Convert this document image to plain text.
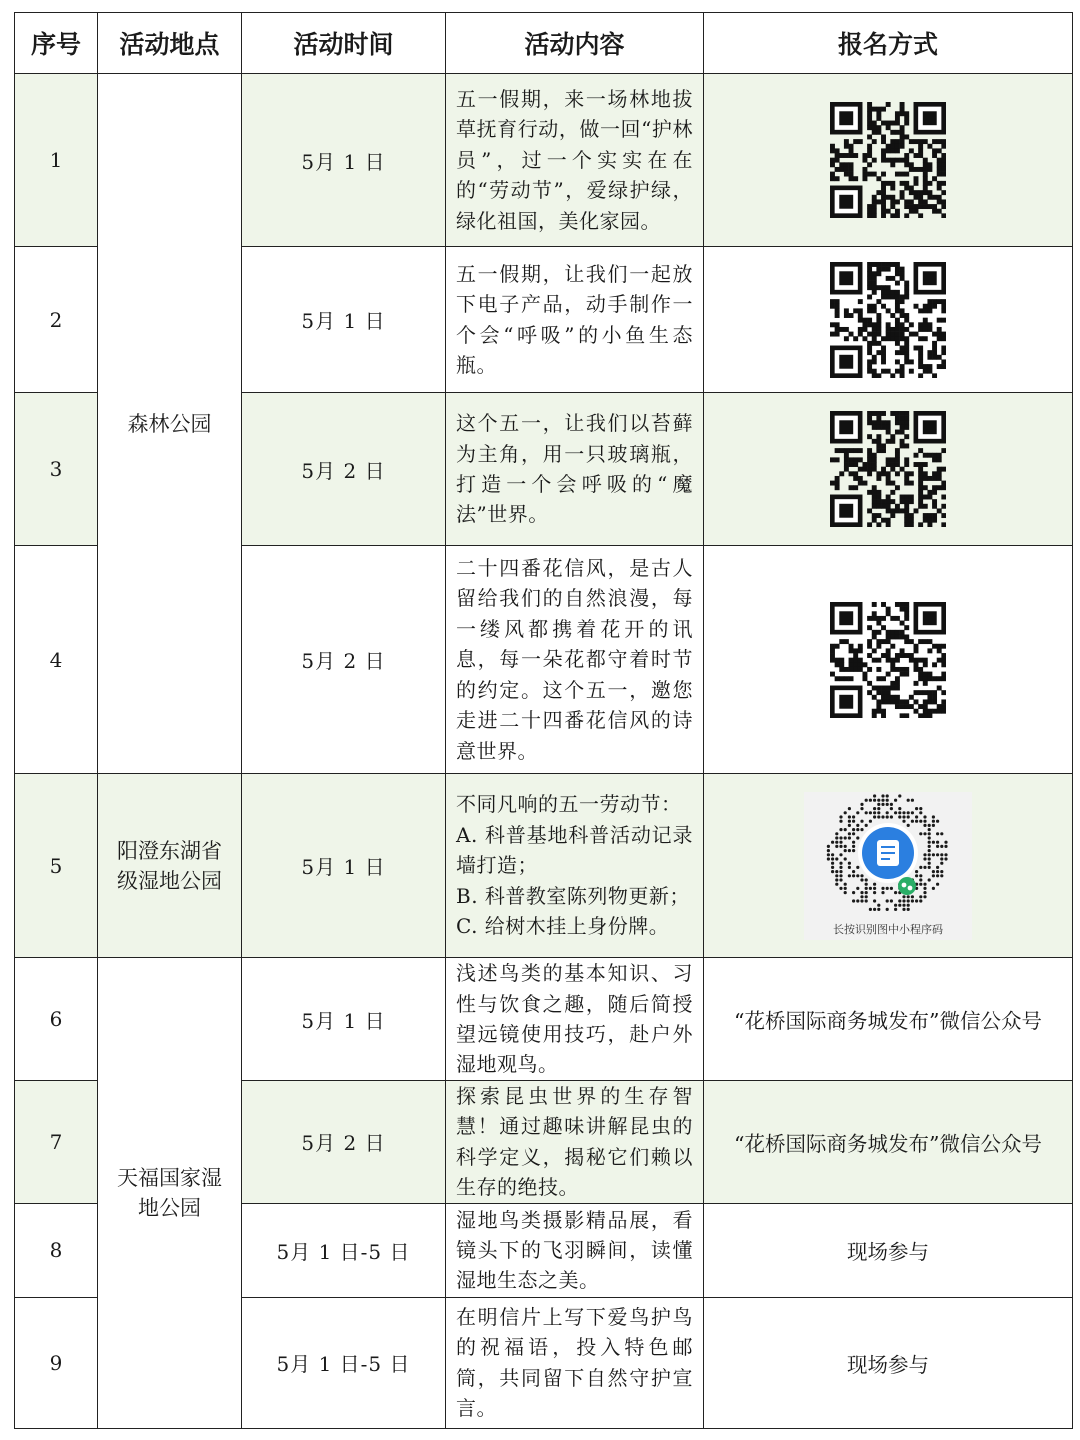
序号	活动地点	活动时间	活动内容	报名方式
1	森林公园	5月 1 日	五一假期，来一场林地拔草抚育行动，做一回“护林员”，过一个实实在在的“劳动节”，爱绿护绿，绿化祖国，美化家园。	

2		5月 1 日	五一假期，让我们一起放下电子产品，动手制作一个会“呼吸”的小鱼生态瓶。	

3		5月 2 日	这个五一，让我们以苔藓为主角，用一只玻璃瓶，打造一个会呼吸的“魔法”世界。	

4		5月 2 日	二十四番花信风，是古人留给我们的自然浪漫，每一缕风都携着花开的讯息，每一朵花都守着时节的约定。这个五一，邀您走进二十四番花信风的诗意世界。	

5	阳澄东湖省级湿地公园	5月 1 日	不同凡响的五一劳动节：

A. 科普基地科普活动记录墙打造；

B. 科普教室陈列物更新；

C. 给树木挂上身份牌。	长按识别图中小程序码

6	天福国家湿地公园	5月 1 日	浅述鸟类的基本知识、习性与饮食之趣，随后简授望远镜使用技巧，赴户外湿地观鸟。	“花桥国际商务城发布”微信公众号
7		5月 2 日	探索昆虫世界的生存智慧！通过趣味讲解昆虫的科学定义，揭秘它们赖以生存的绝技。	“花桥国际商务城发布”微信公众号
8		5月 1 日-5 日	湿地鸟类摄影精品展，看镜头下的飞羽瞬间，读懂湿地生态之美。	现场参与
9		5月 1 日-5 日	在明信片上写下爱鸟护鸟的祝福语，投入特色邮筒，共同留下自然守护宣言。	现场参与
